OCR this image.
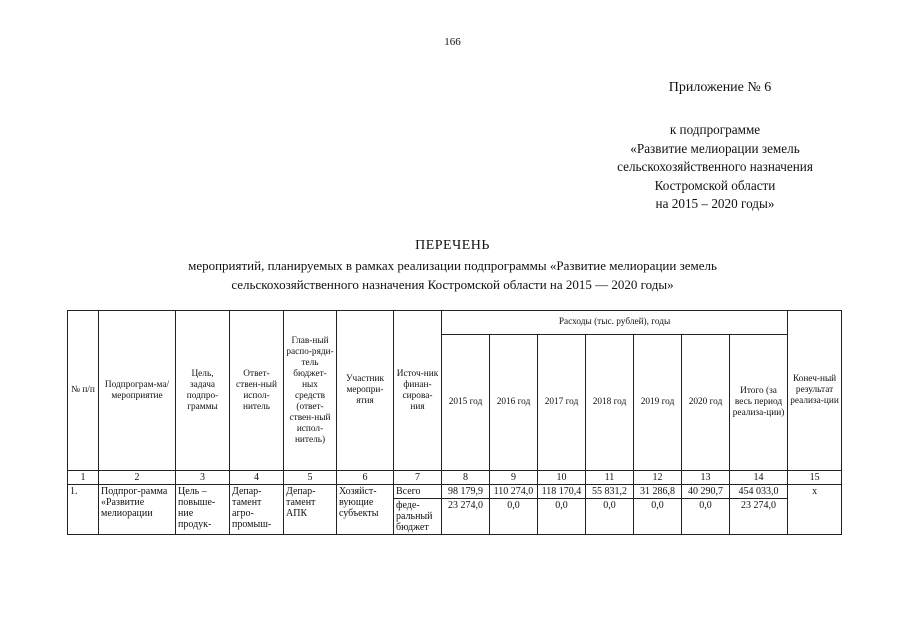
166
Приложение № 6
к подпрограмме
«Развитие мелиорации земель
сельскохозяйственного назначения
Костромской области
на 2015 – 2020 годы»
ПЕРЕЧЕНЬ
мероприятий, планируемых в рамках реализации подпрограммы «Развитие мелиорации земель
сельскохозяйственного назначения Костромской области на 2015 — 2020 годы»
№ п/п	Подпрограм-ма/ мероприятие	Цель, задача подпро-граммы	Ответ-ствен-ный испол-нитель	Глав-ный распо-ряди-тель бюджет-ных средств (ответ-ствен-ный испол-нитель)	Участник меропри-ятия	Источ-ник финан-сирова-ния	Расходы (тыс. рублей), годы							Конеч-ный результат реализа-ции
							2015 год	2016 год	2017 год	2018 год	2019 год	2020 год	Итого (за весь период реализа-ции)	
1	2	3	4	5	6	7	8	9	10	11	12	13	14	15
1.	Подпрог-рамма «Развитие мелиорации	Цель – повыше-ние продук-	Депар-тамент агро-промыш-	Депар-тамент АПК	Хозяйст-вующие субъекты	Всего	98 179,9	110 274,0	118 170,4	55 831,2	31 286,8	40 290,7	454 033,0	х
						феде-ральный бюджет	23 274,0	0,0	0,0	0,0	0,0	0,0	23 274,0	
